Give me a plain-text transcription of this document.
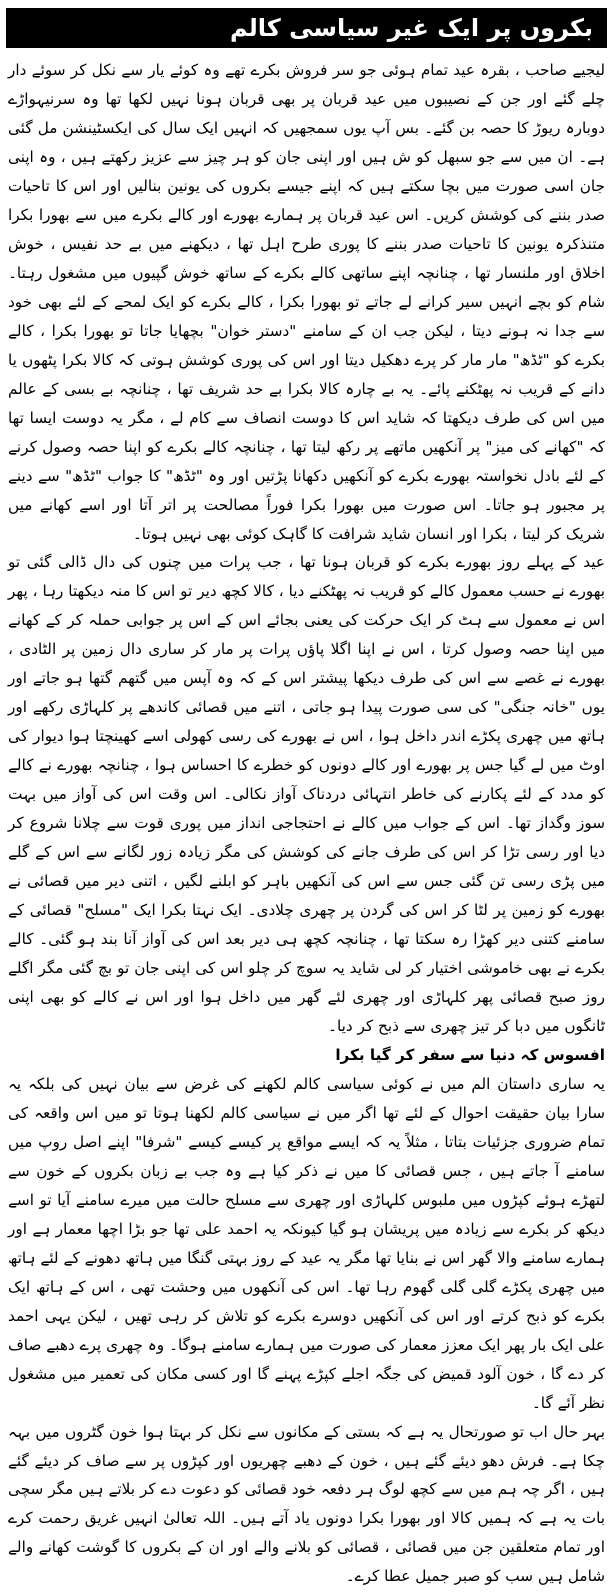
بکروں پر ایک غیر سیاسی کالم

لیجیے صاحب ، بقرہ عید تمام ہوئی جو سر فروش بکرے تھے وہ کوئے یار سے نکل کر سوئے دار چلے گئے اور جن کے نصیبوں میں عید قربان پر بھی قربان ہونا نہیں لکھا تھا وہ سرنیہواڑے دوبارہ ریوڑ کا حصہ بن گئے۔ بس آپ یوں سمجھیں کہ انہیں ایک سال کی ایکسٹینشن مل گئی ہے۔ ان میں سے جو سبھل کو ش ہیں اور اپنی جان کو ہر چیز سے عزیز رکھتے ہیں ، وہ اپنی جان اسی صورت میں بچا سکتے ہیں کہ اپنے جیسے بکروں کی یونین بنالیں اور اس کا تاحیات صدر بننے کی کوشش کریں۔ اس عید قربان پر ہمارے بھورے اور کالے بکرے میں سے بھورا بکرا متنذکرہ یونین کا تاحیات صدر بننے کا پوری طرح اہل تھا ، دیکھنے میں بے حد نفیس ، خوش اخلاق اور ملنسار تھا ، چنانچہ اپنے ساتھی کالے بکرے کے ساتھ خوش گپیوں میں مشغول رہتا۔ شام کو بچے انہیں سیر کرانے لے جاتے تو بھورا بکرا ، کالے بکرے کو ایک لمحے کے لئے بھی خود سے جدا نہ ہونے دیتا ، لیکن جب ان کے سامنے "دستر خوان" بچھایا جاتا تو بھورا بکرا ، کالے بکرے کو "ٹڈھ" مار مار کر پرے دھکیل دیتا اور اس کی پوری کوشش ہوتی کہ کالا بکرا پٹھوں یا دانے کے قریب نہ پھٹکنے پائے۔ یہ بے چارہ کالا بکرا بے حد شریف تھا ، چنانچہ بے بسی کے عالم میں اس کی طرف دیکھتا کہ شاید اس کا دوست انصاف سے کام لے ، مگر یہ دوست ایسا تھا کہ "کھانے کی میز" پر آنکھیں ماتھے پر رکھ لیتا تھا ، چنانچہ کالے بکرے کو اپنا حصہ وصول کرنے کے لئے بادل نخواستہ بھورے بکرے کو آنکھیں دکھانا پڑتیں اور وہ "ٹڈھ" کا جواب "ٹڈھ" سے دینے پر مجبور ہو جاتا۔ اس صورت میں بھورا بکرا فوراً مصالحت پر اتر آتا اور اسے کھانے میں شریک کر لیتا ، بکرا اور انسان شاید شرافت کا گاہک کوئی بھی نہیں ہوتا۔

عید کے پہلے روز بھورے بکرے کو قربان ہونا تھا ، جب پرات میں چنوں کی دال ڈالی گئی تو بھورے نے حسب معمول کالے کو قریب نہ پھٹکنے دیا ، کالا کچھ دیر تو اس کا منہ دیکھتا رہا ، پھر اس نے معمول سے ہٹ کر ایک حرکت کی یعنی بجائے اس کے اس پر جوابی حملہ کر کے کھانے میں اپنا حصہ وصول کرتا ، اس نے اپنا اگلا پاؤں پرات پر مار کر ساری دال زمین پر الٹادی ، بھورے نے غصے سے اس کی طرف دیکھا پیشتر اس کے کہ وہ آپس میں گتھم گتھا ہو جاتے اور یوں "خانہ جنگی" کی سی صورت پیدا ہو جاتی ، اتنے میں قصائی کاندھے پر کلہاڑی رکھے اور ہاتھ میں چھری پکڑے اندر داخل ہوا ، اس نے بھورے کی رسی کھولی اسے کھینچتا ہوا دیوار کی اوٹ میں لے گیا جس پر بھورے اور کالے دونوں کو خطرے کا احساس ہوا ، چنانچہ بھورے نے کالے کو مدد کے لئے پکارنے کی خاطر انتہائی دردناک آواز نکالی۔ اس وقت اس کی آواز میں بہت سوز وگداز تھا۔ اس کے جواب میں کالے نے احتجاجی انداز میں پوری قوت سے چلانا شروع کر دیا اور رسی تڑا کر اس کی طرف جانے کی کوشش کی مگر زیادہ زور لگانے سے اس کے گلے میں پڑی رسی تن گئی جس سے اس کی آنکھیں باہر کو ابلنے لگیں ، اتنی دیر میں قصائی نے بھورے کو زمین پر لٹا کر اس کی گردن پر چھری چلادی۔ ایک نہتا بکرا ایک "مسلح" قصائی کے سامنے کتنی دیر کھڑا رہ سکتا تھا ، چنانچہ کچھ ہی دیر بعد اس کی آواز آنا بند ہو گئی۔ کالے بکرے نے بھی خاموشی اختیار کر لی شاید یہ سوچ کر چلو اس کی اپنی جان تو بچ گئی مگر اگلے روز صبح قصائی پھر کلہاڑی اور چھری لئے گھر میں داخل ہوا اور اس نے کالے کو بھی اپنی ٹانگوں میں دبا کر تیز چھری سے ذبح کر دیا۔

افسوس کہ دنیا سے سفر کر گیا بکرا

یہ ساری داستان الم میں نے کوئی سیاسی کالم لکھنے کی غرض سے بیان نہیں کی بلکہ یہ سارا بیان حقیقت احوال کے لئے تھا اگر میں نے سیاسی کالم لکھنا ہوتا تو میں اس واقعہ کی تمام ضروری جزئیات بتاتا ، مثلاً یہ کہ ایسے مواقع پر کیسے کیسے "شرفا" اپنے اصل روپ میں سامنے آ جاتے ہیں ، جس قصائی کا میں نے ذکر کیا ہے وہ جب بے زبان بکروں کے خون سے لتھڑے ہوئے کپڑوں میں ملبوس کلہاڑی اور چھری سے مسلح حالت میں میرے سامنے آیا تو اسے دیکھ کر بکرے سے زیادہ میں پریشان ہو گیا کیونکہ یہ احمد علی تھا جو بڑا اچھا معمار ہے اور ہمارے سامنے والا گھر اس نے بنایا تھا مگر یہ عید کے روز بہتی گنگا میں ہاتھ دھونے کے لئے ہاتھ میں چھری پکڑے گلی گلی گھوم رہا تھا۔ اس کی آنکھوں میں وحشت تھی ، اس کے ہاتھ ایک بکرے کو ذبح کرتے اور اس کی آنکھیں دوسرے بکرے کو تلاش کر رہی تھیں ، لیکن یہی احمد علی ایک بار پھر ایک معزز معمار کی صورت میں ہمارے سامنے ہوگا۔ وہ چھری پرے دھبے صاف کر دے گا ، خون آلود قمیض کی جگہ اجلے کپڑے پہنے گا اور کسی مکان کی تعمیر میں مشغول نظر آئے گا۔

بہر حال اب تو صورتحال یہ ہے کہ بستی کے مکانوں سے نکل کر بہتا ہوا خون گٹروں میں بہہ چکا ہے۔ فرش دھو دیئے گئے ہیں ، خون کے دھبے چھریوں اور کپڑوں پر سے صاف کر دیئے گئے ہیں ، اگر چہ ہم میں سے کچھ لوگ ہر دفعہ خود قصائی کو دعوت دے کر بلاتے ہیں مگر سچی بات یہ ہے کہ ہمیں کالا اور بھورا بکرا دونوں یاد آتے ہیں۔ اللہ تعالیٰ انہیں غریق رحمت کرے اور تمام متعلقین جن میں قصائی ، قصائی کو بلانے والے اور ان کے بکروں کا گوشت کھانے والے شامل ہیں سب کو صبر جمیل عطا کرے۔
